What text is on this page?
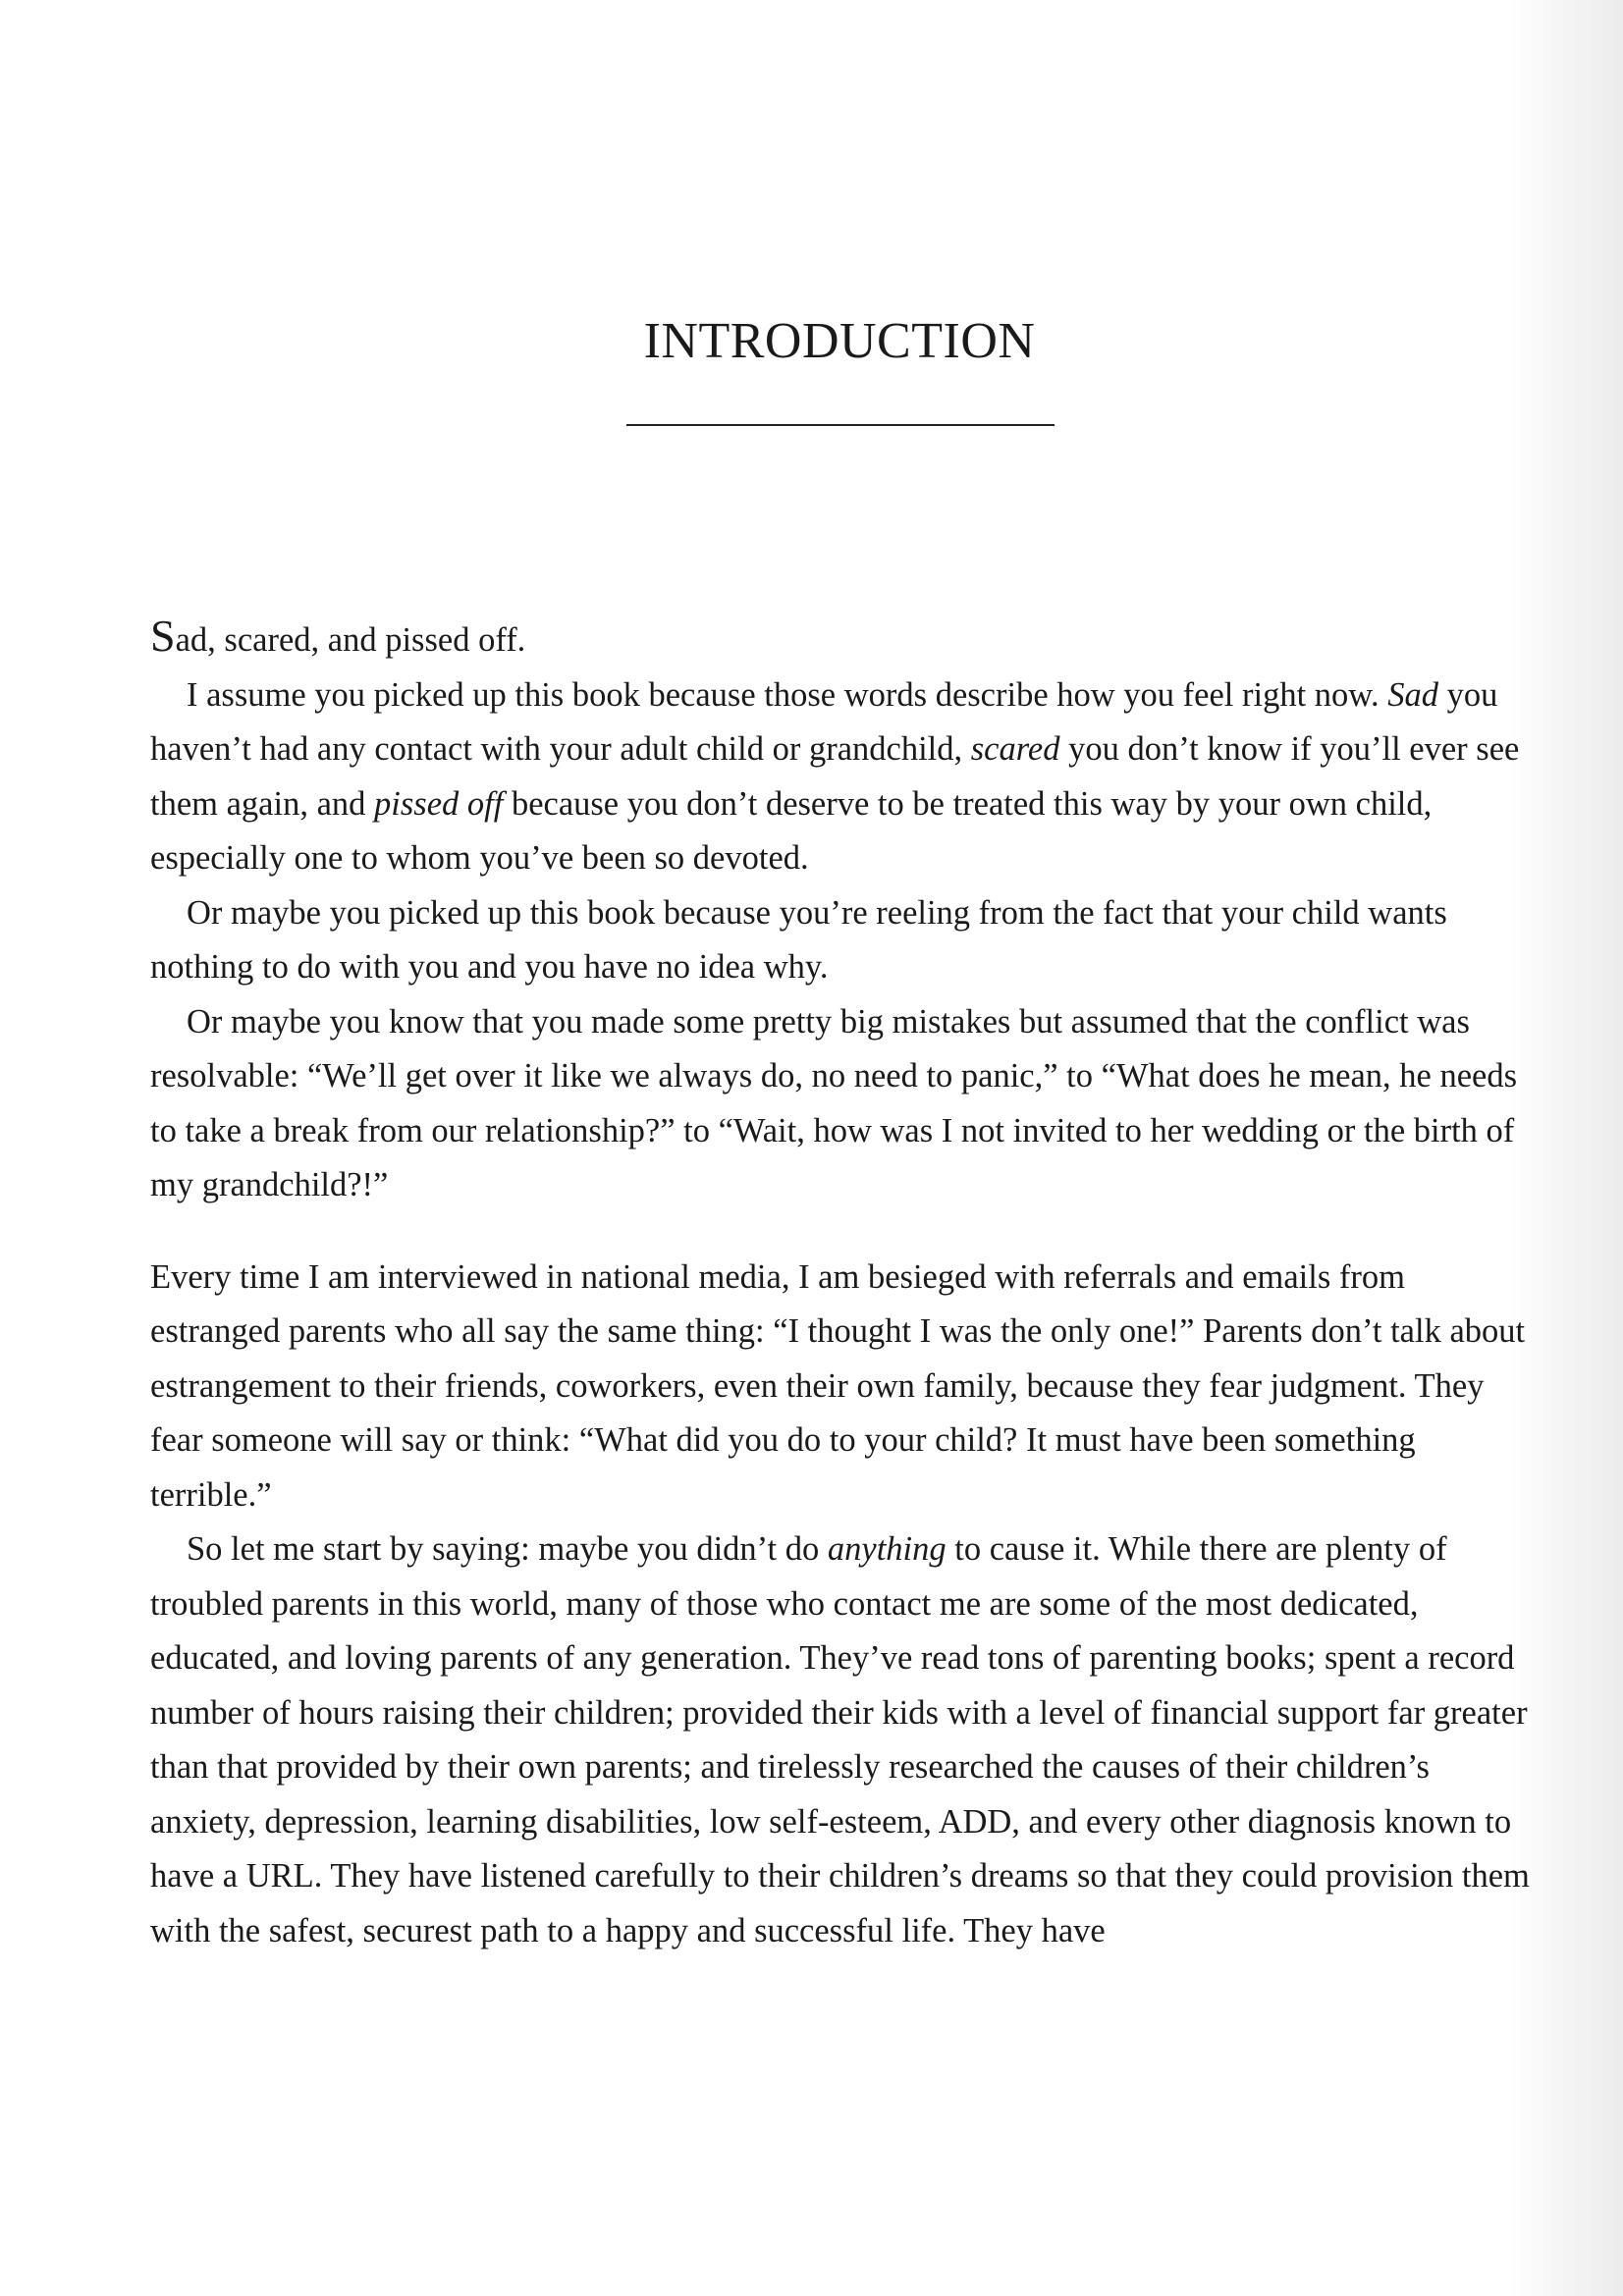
INTRODUCTION

Sad, scared, and pissed off.

I assume you picked up this book because those words describe how you feel right now. Sad you haven’t had any contact with your adult child or grandchild, scared you don’t know if you’ll ever see them again, and pissed off because you don’t deserve to be treated this way by your own child, especially one to whom you’ve been so devoted.

Or maybe you picked up this book because you’re reeling from the fact that your child wants nothing to do with you and you have no idea why.

Or maybe you know that you made some pretty big mistakes but assumed that the conflict was resolvable: “We’ll get over it like we always do, no need to panic,” to “What does he mean, he needs to take a break from our relationship?” to “Wait, how was I not invited to her wedding or the birth of my grandchild?!”

Every time I am interviewed in national media, I am besieged with referrals and emails from estranged parents who all say the same thing: “I thought I was the only one!” Parents don’t talk about estrangement to their friends, coworkers, even their own family, because they fear judgment. They fear someone will say or think: “What did you do to your child? It must have been something terrible.”

So let me start by saying: maybe you didn’t do anything to cause it. While there are plenty of troubled parents in this world, many of those who contact me are some of the most dedicated, educated, and loving parents of any generation. They’ve read tons of parenting books; spent a record number of hours raising their children; provided their kids with a level of financial support far greater than that provided by their own parents; and tirelessly researched the causes of their children’s anxiety, depression, learning disabilities, low self-esteem, ADD, and every other diagnosis known to have a URL. They have listened carefully to their children’s dreams so that they could provision them with the safest, securest path to a happy and successful life. They have
